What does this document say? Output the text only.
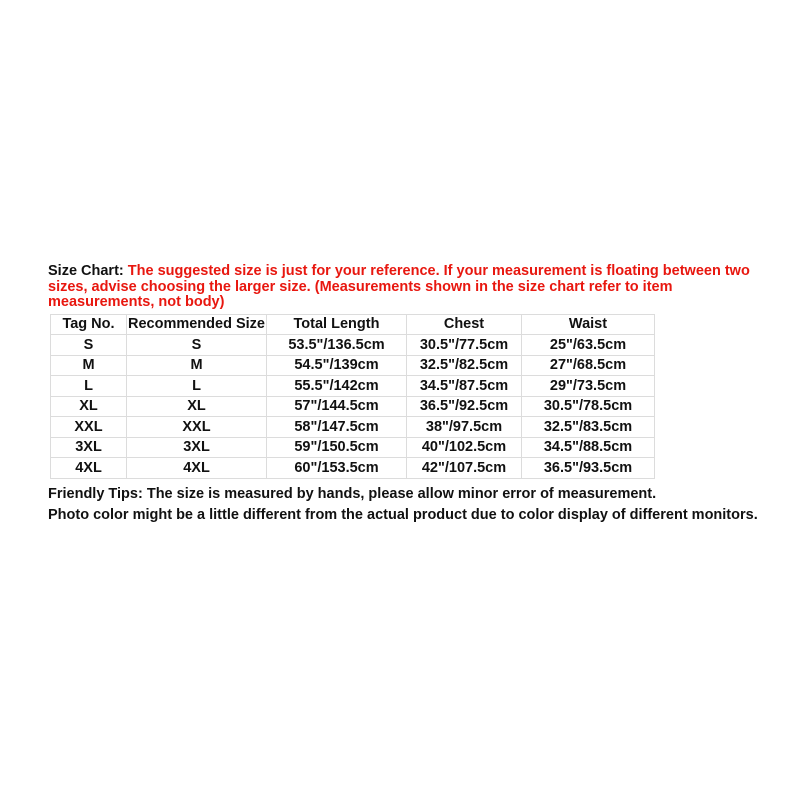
Size Chart: The suggested size is just for your reference. If your measurement is floating between two sizes, advise choosing the larger size. (Measurements shown in the size chart refer to item measurements, not body)

Tag No.	Recommended Size	Total Length	Chest	Waist
S	S	53.5"/136.5cm	30.5"/77.5cm	25"/63.5cm
M	M	54.5"/139cm	32.5"/82.5cm	27"/68.5cm
L	L	55.5"/142cm	34.5"/87.5cm	29"/73.5cm
XL	XL	57"/144.5cm	36.5"/92.5cm	30.5"/78.5cm
XXL	XXL	58"/147.5cm	38"/97.5cm	32.5"/83.5cm
3XL	3XL	59"/150.5cm	40"/102.5cm	34.5"/88.5cm
4XL	4XL	60"/153.5cm	42"/107.5cm	36.5"/93.5cm
Friendly Tips: The size is measured by hands, please allow minor error of measurement.
Photo color might be a little different from the actual product due to color display of different monitors.
